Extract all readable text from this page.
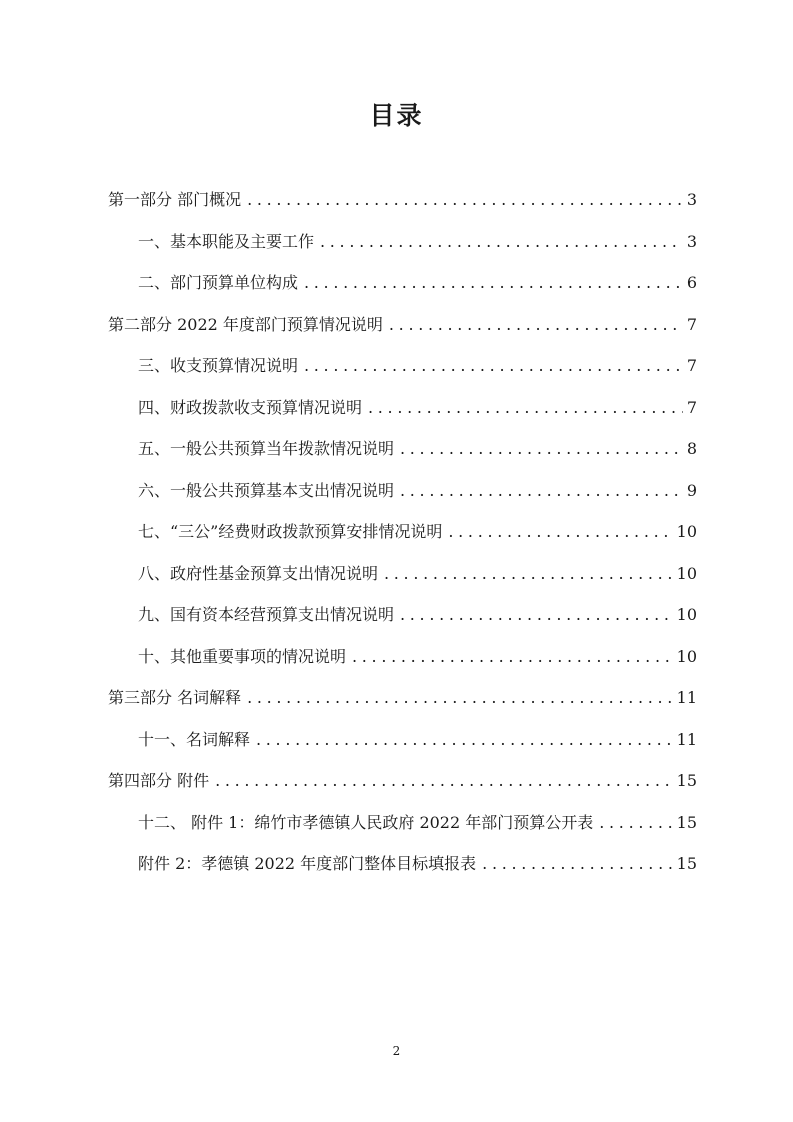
目录
第一部分 部门概况 . . .	3
一、基本职能及主要工作 . . .	3
二、部门预算单位构成 . . .	6
第二部分 2022 年度部门预算情况说明 . . .	7
三、收支预算情况说明 . . .	7
四、财政拨款收支预算情况说明 . . .	7
五、一般公共预算当年拨款情况说明 . . .	8
六、一般公共预算基本支出情况说明 . . .	9
七、“三公”经费财政拨款预算安排情况说明 . . .	10
八、政府性基金预算支出情况说明 . . .	10
九、国有资本经营预算支出情况说明 . . .	10
十、其他重要事项的情况说明 . . .	10
第三部分 名词解释 . . .	11
十一、名词解释 . . .	11
第四部分 附件 . . .	15
十二、 附件 1：绵竹市孝德镇人民政府 2022 年部门预算公开表 . . .	15
附件 2：孝德镇 2022 年度部门整体目标填报表 . . .	15
2
